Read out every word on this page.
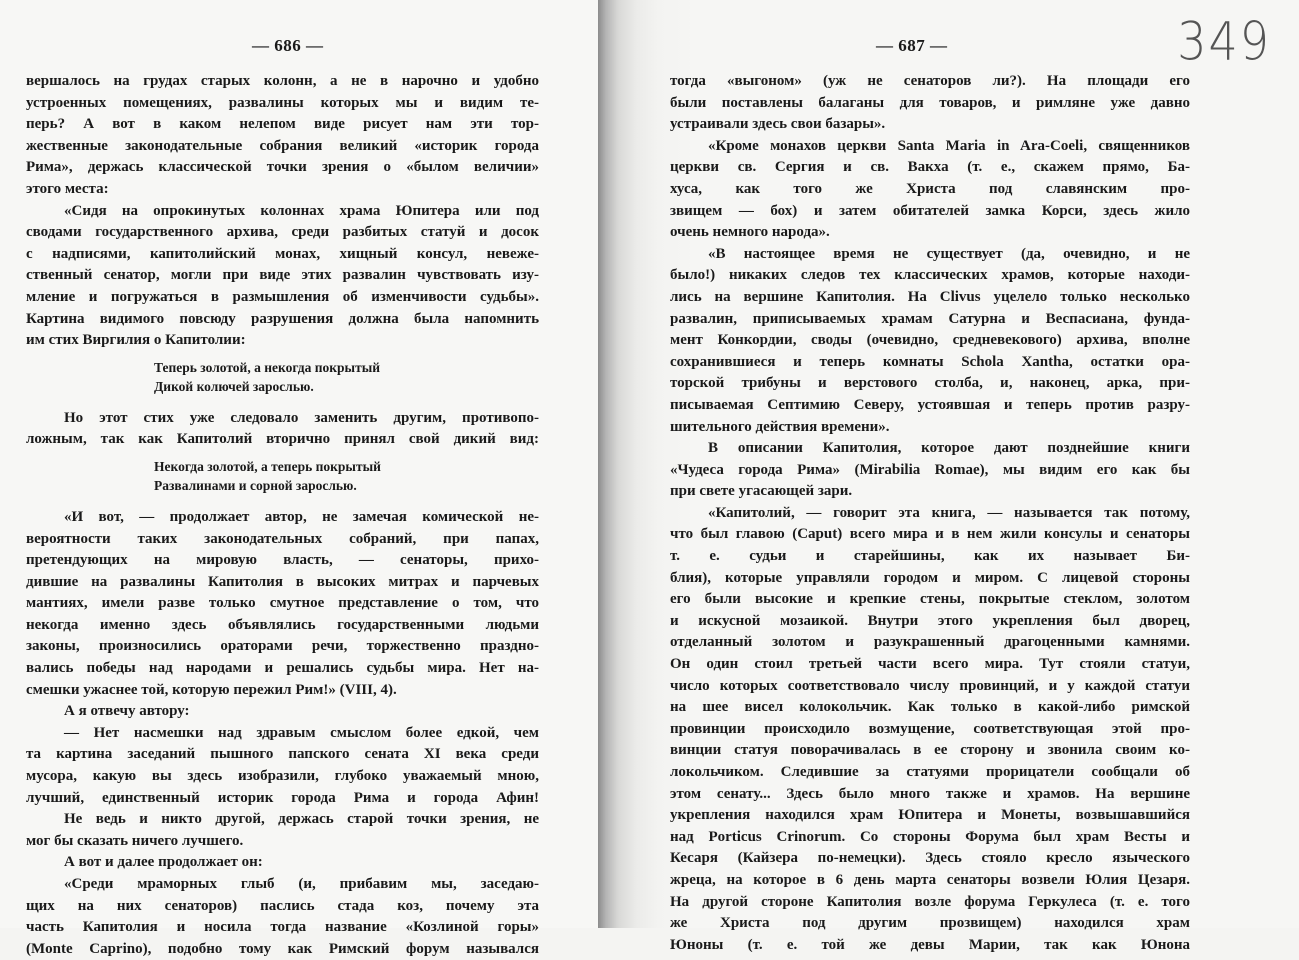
— 686 —
вершалось на грудах старых колонн, а не в нарочно и удобно
устроенных помещениях, развалины которых мы и видим те-
перь? А вот в каком нелепом виде рисует нам эти тор-
жественные законодательные собрания великий «историк города
Рима», держась классической точки зрения о «былом величии»
этого места:
«Сидя на опрокинутых колоннах храма Юпитера или под
сводами государственного архива, среди разбитых статуй и досок
с надписями, капитолийский монах, хищный консул, невеже-
ственный сенатор, могли при виде этих развалин чувствовать изу-
мление и погружаться в размышления об изменчивости судьбы».
Картина видимого повсюду разрушения должна была напомнить
им стих Виргилия о Капитолии:
Теперь золотой, а некогда покрытый
Дикой колючей зарослью.
Но этот стих уже следовало заменить другим, противопо-
ложным, так как Капитолий вторично принял свой дикий вид:
Некогда золотой, а теперь покрытый
Развалинами и сорной зарослью.
«И вот, — продолжает автор, не замечая комической не-
вероятности таких законодательных собраний, при папах,
претендующих на мировую власть, — сенаторы, прихо-
дившие на развалины Капитолия в высоких митрах и парчевых
мантиях, имели разве только смутное представление о том, что
некогда именно здесь объявлялись государственными людьми
законы, произносились ораторами речи, торжественно праздно-
вались победы над народами и решались судьбы мира. Нет на-
смешки ужаснее той, которую пережил Рим!» (VIII, 4).
А я отвечу автору:
— Нет насмешки над здравым смыслом более едкой, чем
та картина заседаний пышного папского сената XI века среди
мусора, какую вы здесь изобразили, глубоко уважаемый мною,
лучший, единственный историк города Рима и города Афин!
Не ведь и никто другой, держась старой точки зрения, не
мог бы сказать ничего лучшего.
А вот и далее продолжает он:
«Среди мраморных глыб (и, прибавим мы, заседаю-
щих на них сенаторов) паслись стада коз, почему эта
часть Капитолия и носила тогда название «Козлиной горы»
(Monte Caprino), подобно тому как Римский форум назывался
— 687 —	349
тогда «выгоном» (уж не сенаторов ли?). На площади его
были поставлены балаганы для товаров, и римляне уже давно
устраивали здесь свои базары».
«Кроме монахов церкви Santa Maria in Ara-Coeli, священников
церкви св. Сергия и св. Вакха (т. е., скажем прямо, Ба-
хуса, как того же Христа под славянским про-
звищем — бох) и затем обитателей замка Корси, здесь жило
очень немного народа».
«В настоящее время не существует (да, очевидно, и не
было!) никаких следов тех классических храмов, которые находи-
лись на вершине Капитолия. На Clivus уцелело только несколько
развалин, приписываемых храмам Сатурна и Веспасиана, фунда-
мент Конкордии, своды (очевидно, средневекового) архива, вполне
сохранившиеся и теперь комнаты Schola Xantha, остатки ора-
торской трибуны и верстового столба, и, наконец, арка, при-
писываемая Септимию Северу, устоявшая и теперь против разру-
шительного действия времени».
В описании Капитолия, которое дают позднейшие книги
«Чудеса города Рима» (Mirabilia Romae), мы видим его как бы
при свете угасающей зари.
«Капитолий, — говорит эта книга, — называется так потому,
что был главою (Caput) всего мира и в нем жили консулы и сенаторы
т. е. судьи и старейшины, как их называет Би-
блия), которые управляли городом и миром. С лицевой стороны
его были высокие и крепкие стены, покрытые стеклом, золотом
и искусной мозаикой. Внутри этого укрепления был дворец,
отделанный золотом и разукрашенный драгоценными камнями.
Он один стоил третьей части всего мира. Тут стояли статуи,
число которых соответствовало числу провинций, и у каждой статуи
на шее висел колокольчик. Как только в какой-либо римской
провинции происходило возмущение, соответствующая этой про-
винции статуя поворачивалась в ее сторону и звонила своим ко-
локольчиком. Следившие за статуями прорицатели сообщали об
этом сенату... Здесь было много также и храмов. На вершине
укрепления находился храм Юпитера и Монеты, возвышавшийся
над Porticus Crinorum. Со стороны Форума был храм Весты и
Кесаря (Кайзера по-немецки). Здесь стояло кресло языческого
жреца, на которое в 6 день марта сенаторы возвели Юлия Цезаря.
На другой стороне Капитолия возле форума Геркулеса (т. е. того
же Христа под другим прозвищем) находился храм
Юноны (т. е. той же девы Марии, так как Юнона
